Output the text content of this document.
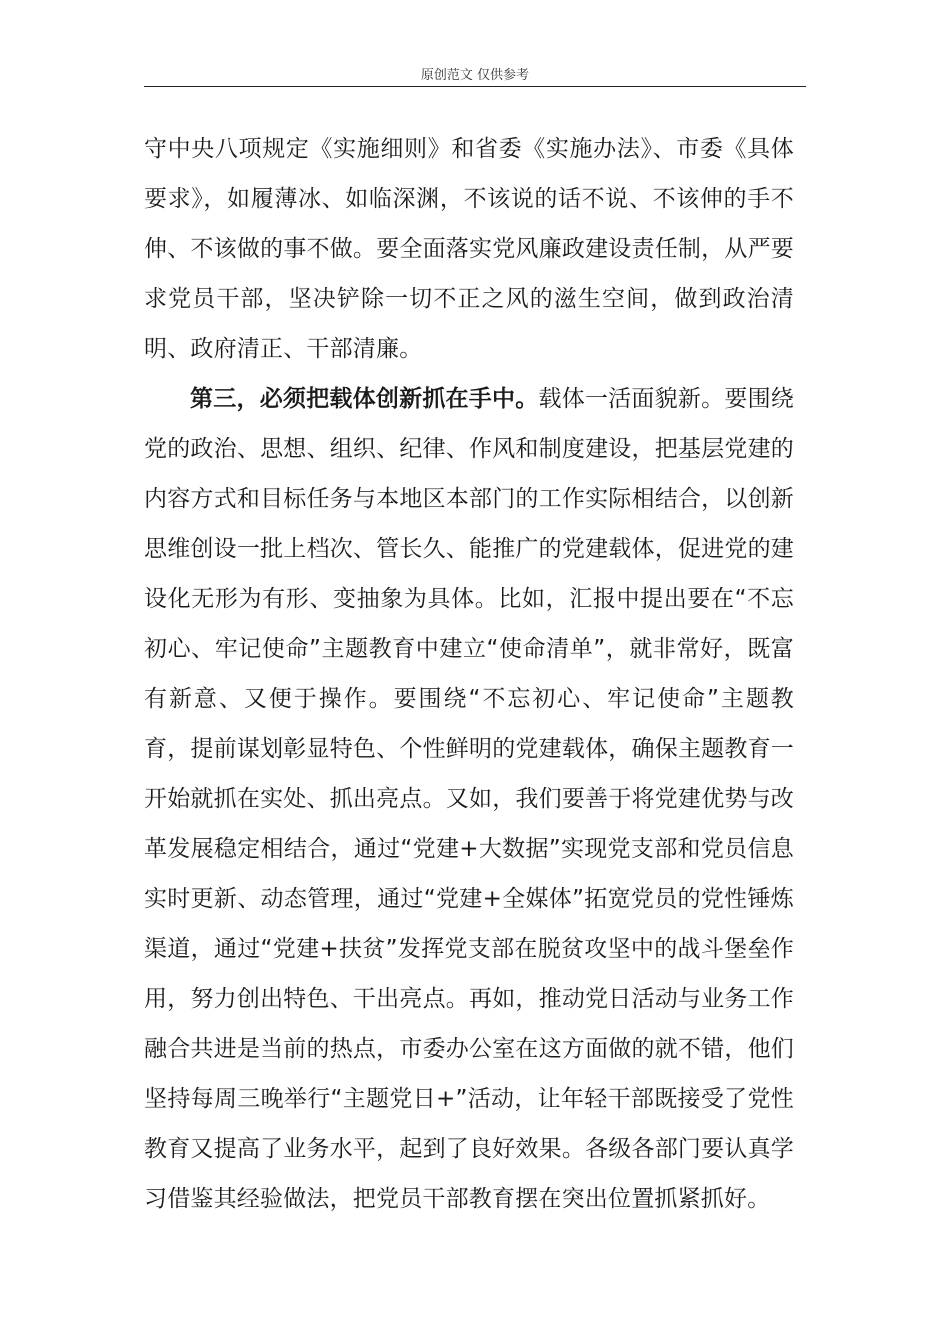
原创范文 仅供参考

守中央八项规定《实施细则》和省委《实施办法》、市委《具体要求》，如履薄冰、如临深渊，不该说的话不说、不该伸的手不伸、不该做的事不做。要全面落实党风廉政建设责任制，从严要求党员干部，坚决铲除一切不正之风的滋生空间，做到政治清明、政府清正、干部清廉。

第三，必须把载体创新抓在手中。载体一活面貌新。要围绕党的政治、思想、组织、纪律、作风和制度建设，把基层党建的内容方式和目标任务与本地区本部门的工作实际相结合，以创新思维创设一批上档次、管长久、能推广的党建载体，促进党的建设化无形为有形、变抽象为具体。比如，汇报中提出要在“不忘初心、牢记使命”主题教育中建立“使命清单”，就非常好，既富有新意、又便于操作。要围绕“不忘初心、牢记使命”主题教育，提前谋划彰显特色、个性鲜明的党建载体，确保主题教育一开始就抓在实处、抓出亮点。又如，我们要善于将党建优势与改革发展稳定相结合，通过“党建+大数据”实现党支部和党员信息实时更新、动态管理，通过“党建+全媒体”拓宽党员的党性锤炼渠道，通过“党建+扶贫”发挥党支部在脱贫攻坚中的战斗堡垒作用，努力创出特色、干出亮点。再如，推动党日活动与业务工作融合共进是当前的热点，市委办公室在这方面做的就不错，他们坚持每周三晚举行“主题党日+”活动，让年轻干部既接受了党性教育又提高了业务水平，起到了良好效果。各级各部门要认真学习借鉴其经验做法，把党员干部教育摆在突出位置抓紧抓好。
